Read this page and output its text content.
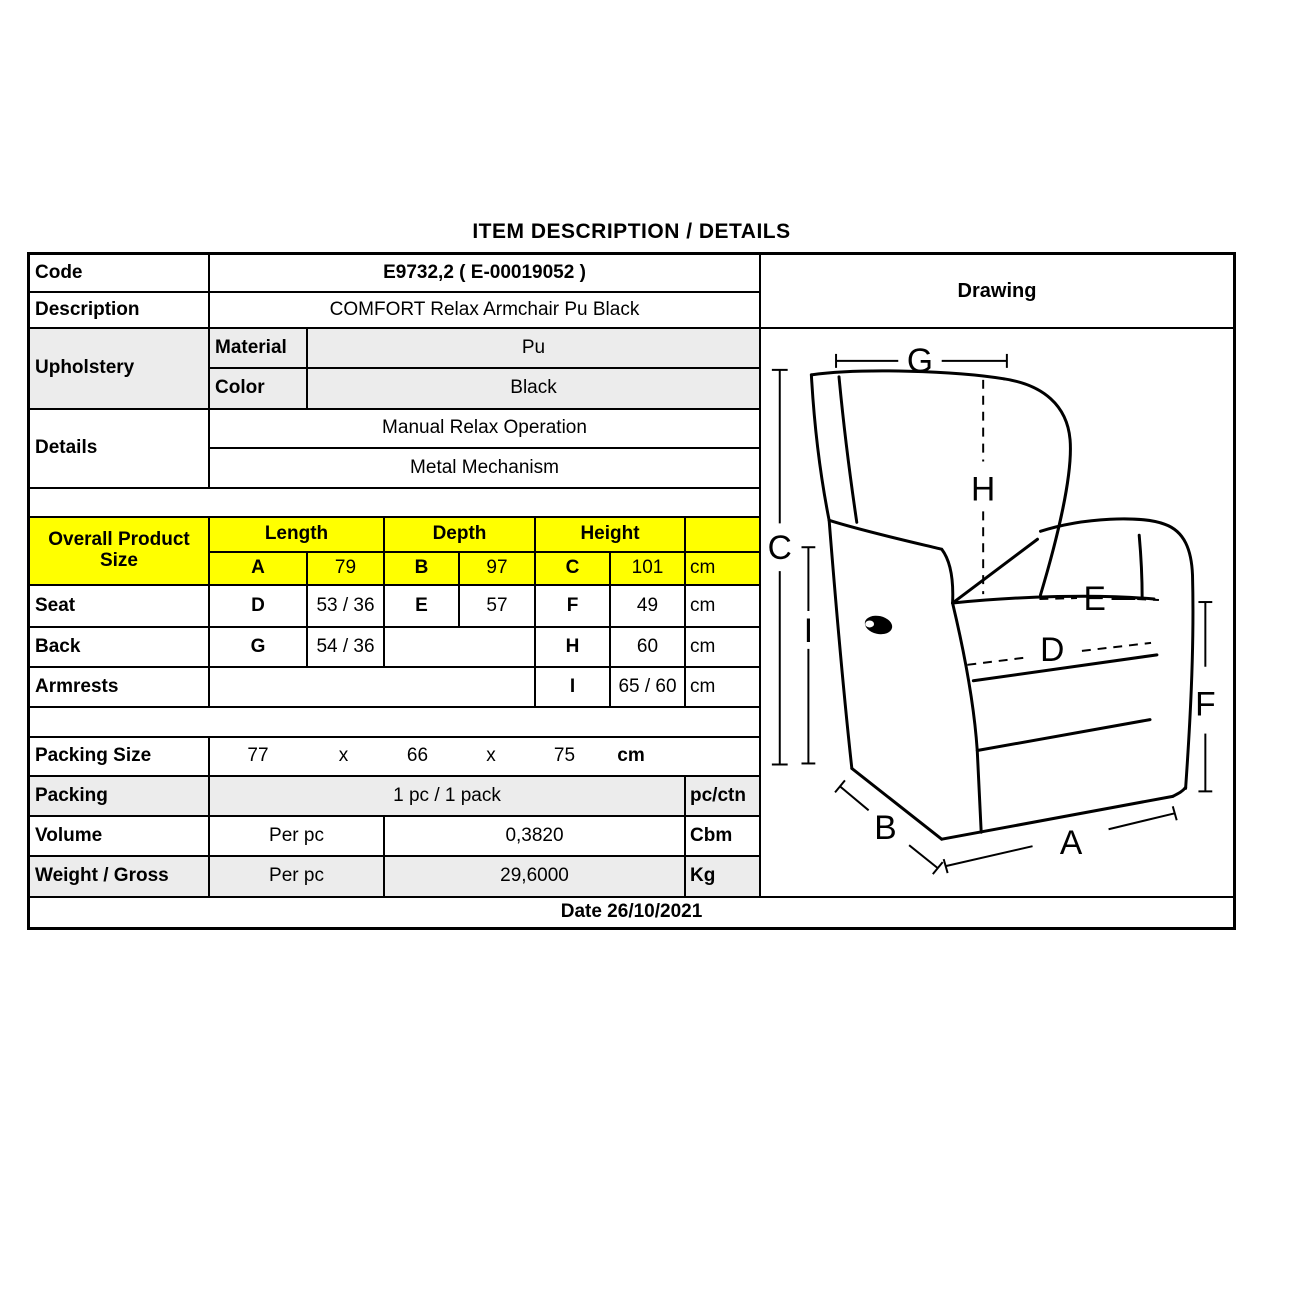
ITEM DESCRIPTION / DETAILS
Code	E9732,2 ( E-00019052 )
Drawing
Description	COMFORT Relax Armchair Pu Black
Upholstery
Material	Pu
Color	Black
Details
Manual Relax Operation
Metal Mechanism
Overall Product Size
Length	Depth	Height
A	79	B	97	C	101	cm
Seat	D	53 / 36	E	57	F	49	cm
Back	G	54 / 36	H	60	cm
Armrests	I	65 / 60 cm
Packing Size	77	x	66	x	75	cm
Packing	1 pc / 1 pack	pc/ctn
Volume	Per pc	0,3820	Cbm
Weight / Gross	Per pc	29,6000	Kg
G
C
I
H
E
D
F
B	A
Date 26/10/2021
